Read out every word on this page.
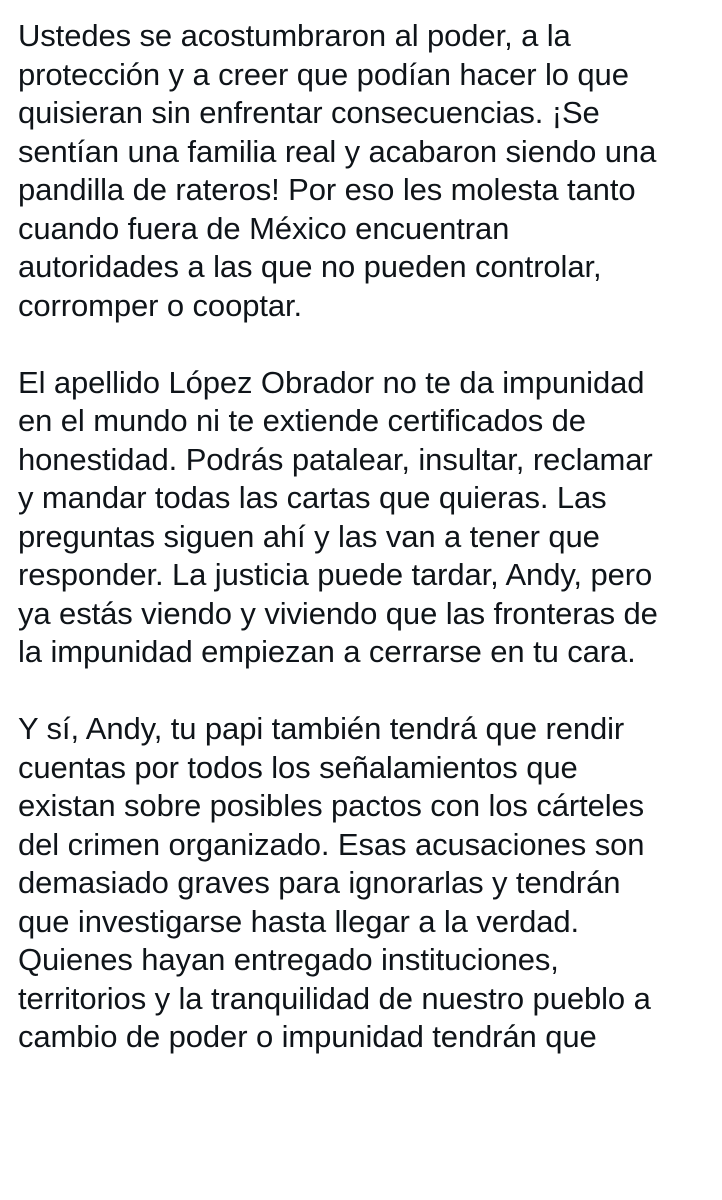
Ustedes se acostumbraron al poder, a la
protección y a creer que podían hacer lo que
quisieran sin enfrentar consecuencias. ¡Se
sentían una familia real y acabaron siendo una
pandilla de rateros! Por eso les molesta tanto
cuando fuera de México encuentran
autoridades a las que no pueden controlar,
corromper o cooptar.

El apellido López Obrador no te da impunidad
en el mundo ni te extiende certificados de
honestidad. Podrás patalear, insultar, reclamar
y mandar todas las cartas que quieras. Las
preguntas siguen ahí y las van a tener que
responder. La justicia puede tardar, Andy, pero
ya estás viendo y viviendo que las fronteras de
la impunidad empiezan a cerrarse en tu cara.

Y sí, Andy, tu papi también tendrá que rendir
cuentas por todos los señalamientos que
existan sobre posibles pactos con los cárteles
del crimen organizado. Esas acusaciones son
demasiado graves para ignorarlas y tendrán
que investigarse hasta llegar a la verdad.
Quienes hayan entregado instituciones,
territorios y la tranquilidad de nuestro pueblo a
cambio de poder o impunidad tendrán que
